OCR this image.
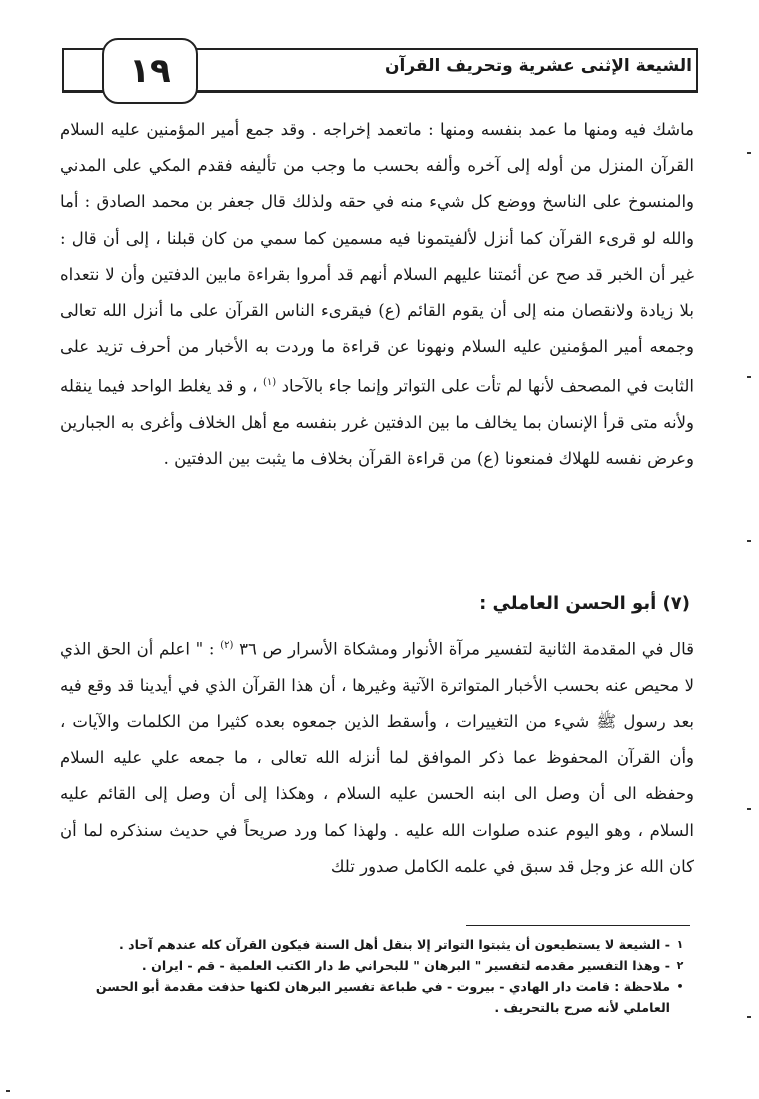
١٩	الشيعة الإثنى عشرية وتحريف القرآن

ماشك فيه ومنها ما عمد بنفسه ومنها : ماتعمد إخراجه . وقد جمع أمير المؤمنين عليه السلام القرآن المنزل من أوله إلى آخره وألفه بحسب ما وجب من تأليفه فقدم المكي على المدني والمنسوخ على الناسخ ووضع كل شيء منه في حقه ولذلك قال جعفر بن محمد الصادق : أما والله لو قرىء القرآن كما أنزل لألفيتمونا فيه مسمين كما سمي من كان قبلنا ، إلى أن قال : غير أن الخبر قد صح عن أئمتنا عليهم السلام أنهم قد أمروا بقراءة مابين الدفتين وأن لا نتعداه بلا زيادة ولانقصان منه إلى أن يقوم القائم (ع) فيقرىء الناس القرآن على ما أنزل الله تعالى وجمعه أمير المؤمنين عليه السلام ونهونا عن قراءة ما وردت به الأخبار من أحرف تزيد على الثابت في المصحف لأنها لم تأت على التواتر وإنما جاء بالآحاد $^{(١)}$ ، و قد يغلط الواحد فيما ينقله ولأنه متى قرأ الإنسان بما يخالف ما بين الدفتين غرر بنفسه مع أهل الخلاف وأغرى به الجبارين وعرض نفسه للهلاك فمنعونا (ع) من قراءة القرآن بخلاف ما يثبت بين الدفتين .

(٧) أبو الحسن العاملي :

قال في المقدمة الثانية لتفسير مرآة الأنوار ومشكاة الأسرار ص ٣٦ $^{(٢)}$ : " اعلم أن الحق الذي لا محيص عنه بحسب الأخبار المتواترة الآتية وغيرها ، أن هذا القرآن الذي في أيدينا قد وقع فيه بعد رسول ﷺ شيء من التغييرات ، وأسقط الذين جمعوه بعده كثيرا من الكلمات والآيات ، وأن القرآن المحفوظ عما ذكر الموافق لما أنزله الله تعالى ، ما جمعه علي عليه السلام وحفظه الى أن وصل الى ابنه الحسن عليه السلام ، وهكذا إلى أن وصل إلى القائم عليه السلام ، وهو اليوم عنده صلوات الله عليه . ولهذا كما ورد صريحاً في حديث سنذكره لما أن كان الله عز وجل قد سبق في علمه الكامل صدور تلك

١
- الشيعة لا يستطيعون أن يثبتوا التواتر إلا بنقل أهل السنة فيكون القرآن كله عندهم آحاد .
٢
- وهذا التفسير مقدمه لتفسير " البرهان " للبحراني ط دار الكتب العلمية - قم - ايران .
•
ملاحظة : قامت دار الهادي - بيروت - في طباعة تفسير البرهان لكنها حذفت مقدمة أبو الحسن العاملي لأنه صرح بالتحريف .
